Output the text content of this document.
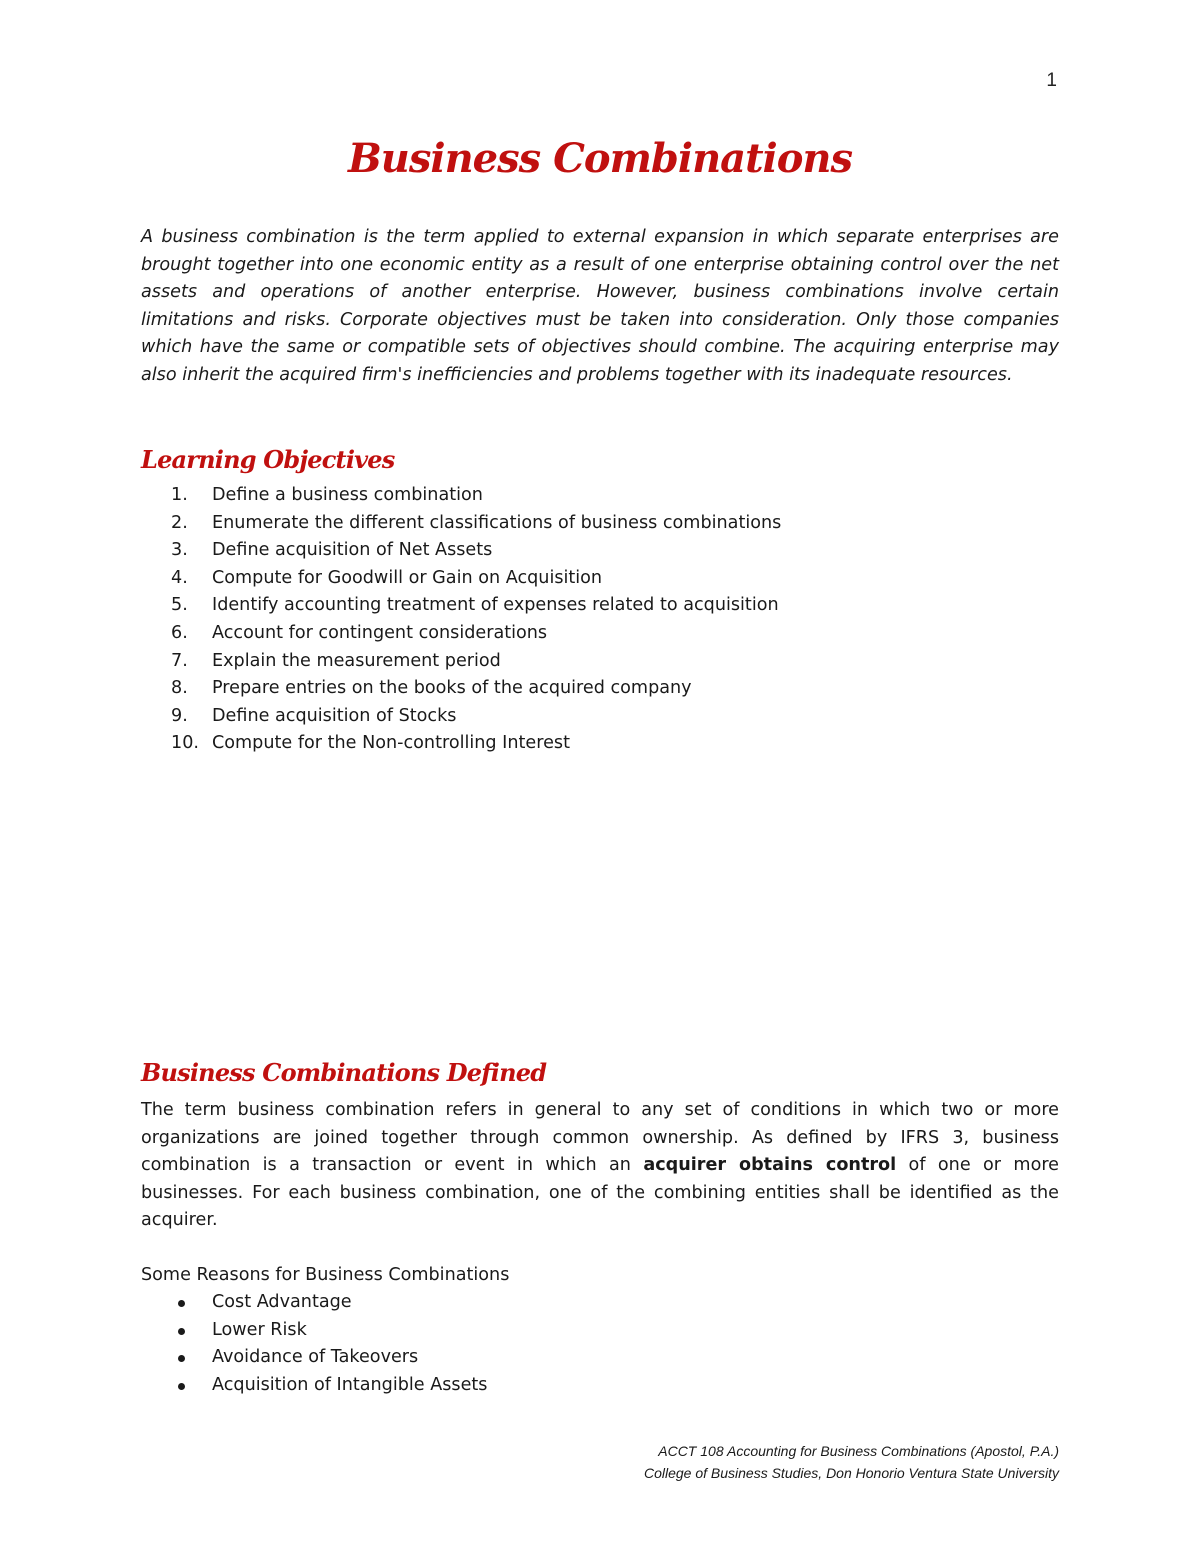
1
Business Combinations

A business combination is the term applied to external expansion in which separate enterprises are brought together into one economic entity as a result of one enterprise obtaining control over the net assets and operations of another enterprise. However, business combinations involve certain limitations and risks. Corporate objectives must be taken into consideration. Only those companies which have the same or compatible sets of objectives should combine. The acquiring enterprise may also inherit the acquired firm's inefficiencies and problems together with its inadequate resources.

Learning Objectives
1.	Define a business combination
2.	Enumerate the different classifications of business combinations
3.	Define acquisition of Net Assets
4.	Compute for Goodwill or Gain on Acquisition
5.	Identify accounting treatment of expenses related to acquisition
6.	Account for contingent considerations
7.	Explain the measurement period
8.	Prepare entries on the books of the acquired company
9.	Define acquisition of Stocks
10. Compute for the Non-controlling Interest
Business Combinations Defined

The term business combination refers in general to any set of conditions in which two or more organizations are joined together through common ownership. As defined by IFRS 3, business combination is a transaction or event in which an acquirer obtains control of one or more businesses. For each business combination, one of the combining entities shall be identified as the acquirer.

Some Reasons for Business Combinations

Cost Advantage
Lower Risk
Avoidance of Takeovers
Acquisition of Intangible Assets
ACCT 108 Accounting for Business Combinations (Apostol, P.A.)
College of Business Studies, Don Honorio Ventura State University
